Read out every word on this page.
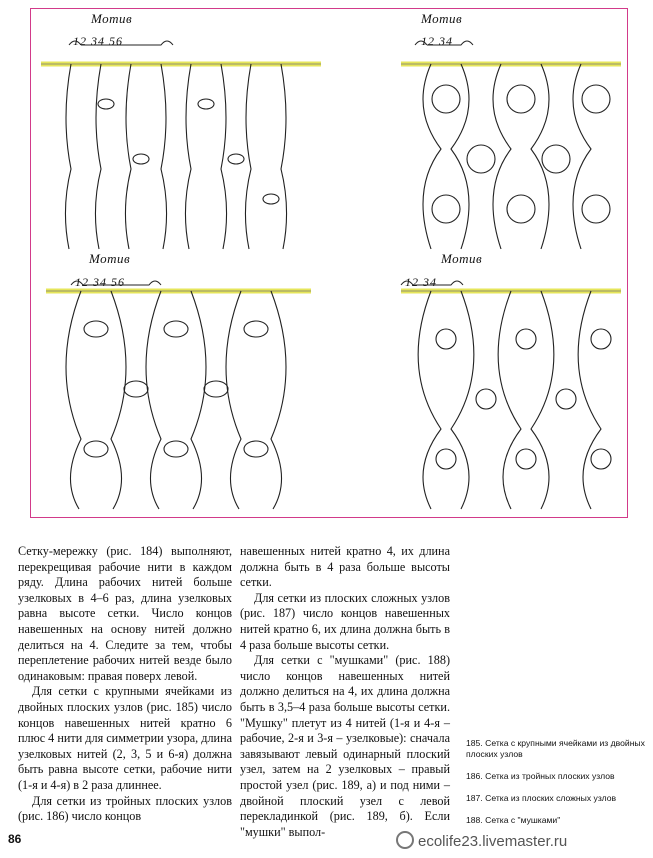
Мотив
12 34 56
Мотив
12 34
Мотив
12 34 56
Мотив
12 34

Сетку-мережку (рис. 184) выполняют, перекрещивая рабочие нити в каждом ряду. Длина рабочих нитей больше узелковых в 4–6 раз, длина узелковых равна высоте сетки. Число концов навешенных на основу нитей должно делиться на 4. Следите за тем, чтобы переплетение рабочих нитей везде было одинаковым: правая поверх левой.

Для сетки с крупными ячейками из двойных плоских узлов (рис. 185) число концов навешенных нитей кратно 6 плюс 4 нити для симметрии узора, длина узелковых нитей (2, 3, 5 и 6-я) должна быть равна высоте сетки, рабочие нити (1-я и 4-я) в 2 раза длиннее.

Для сетки из тройных плоских узлов (рис. 186) число концов

навешенных нитей кратно 4, их длина должна быть в 4 раза больше высоты сетки.

Для сетки из плоских сложных узлов (рис. 187) число концов навешенных нитей кратно 6, их длина должна быть в 4 раза больше высоты сетки.

Для сетки с "мушками" (рис. 188) число концов навешенных нитей должно делиться на 4, их длина должна быть в 3,5–4 раза больше высоты сетки. "Мушку" плетут из 4 нитей (1-я и 4-я – рабочие, 2-я и 3-я – узелковые): сначала завязывают левый одинарный плоский узел, затем на 2 узелковых – правый простой узел (рис. 189, а) и под ними – двойной плоский узел с левой перекладинкой (рис. 189, б). Если "мушки" выпол-

185. Сетка с крупными ячейками из двойных плоских узлов
186. Сетка из тройных плоских узлов
187. Сетка из плоских сложных узлов
188. Сетка с "мушками"
86	ecolife23.livemaster.ru
